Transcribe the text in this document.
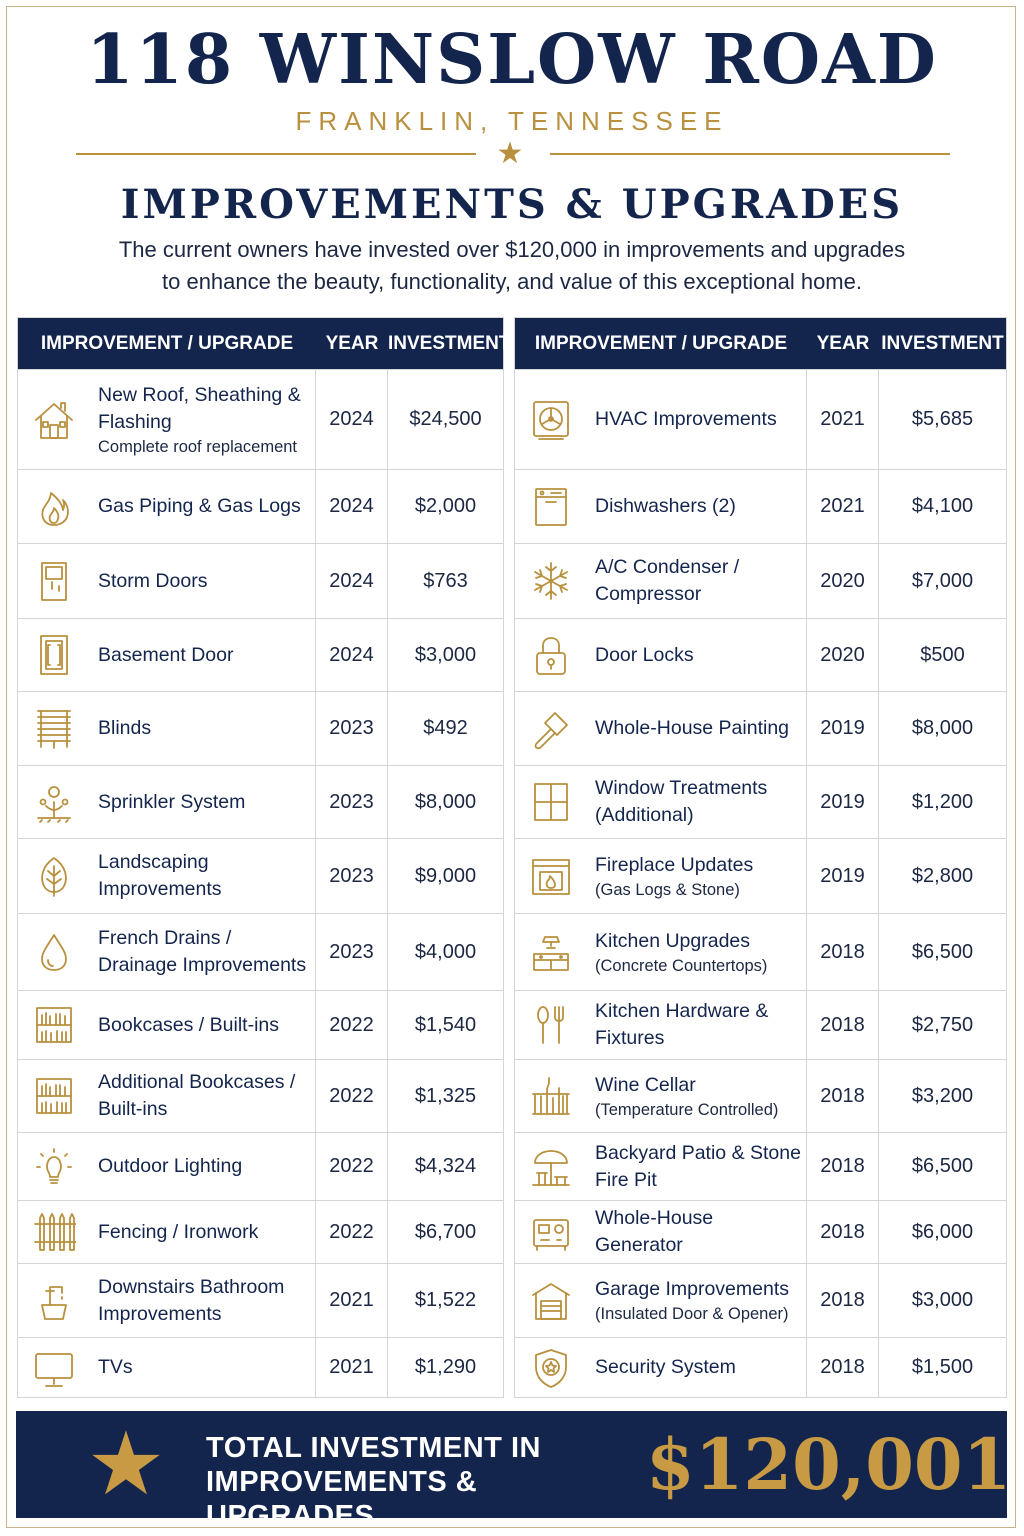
118 WINSLOW ROAD
FRANKLIN, TENNESSEE
★
IMPROVEMENTS & UPGRADES
The current owners have invested over $120,000 in improvements and upgrades
to enhance the beauty, functionality, and value of this exceptional home.
IMPROVEMENT / UPGRADE	YEAR INVESTMENT
New Roof, Sheathing & Flashing
Complete roof replacement
2024	$24,500
Gas Piping & Gas Logs	2024	$2,000
Storm Doors	2024	$763
Basement Door	2024	$3,000
Blinds	2023	$492
Sprinkler System	2023	$8,000
Landscaping Improvements
2023	$9,000
French Drains / Drainage Improvements
2023	$4,000
Bookcases / Built-ins	2022	$1,540
Additional Bookcases / Built-ins
2022	$1,325
Outdoor Lighting	2022	$4,324
Fencing / Ironwork	2022	$6,700
Downstairs Bathroom Improvements
2021	$1,522
TVs	2021	$1,290
IMPROVEMENT / UPGRADE	YEAR INVESTMENT
HVAC Improvements	2021	$5,685
Dishwashers (2)	2021	$4,100
A/C Condenser / Compressor
2020	$7,000
Door Locks	2020	$500
Whole-House Painting	2019	$8,000
Window Treatments (Additional)
2019	$1,200
Fireplace Updates
(Gas Logs & Stone)
2019	$2,800
Kitchen Upgrades
(Concrete Countertops)
2018	$6,500
Kitchen Hardware & Fixtures
2018	$2,750
Wine Cellar
(Temperature Controlled)
2018	$3,200
Backyard Patio & Stone Fire Pit
2018	$6,500
Whole-House Generator
2018	$6,000
Garage Improvements
(Insulated Door & Opener)
2018	$3,000
Security System	2018	$1,500
★	TOTAL INVESTMENT IN
IMPROVEMENTS & UPGRADES
$120,001
